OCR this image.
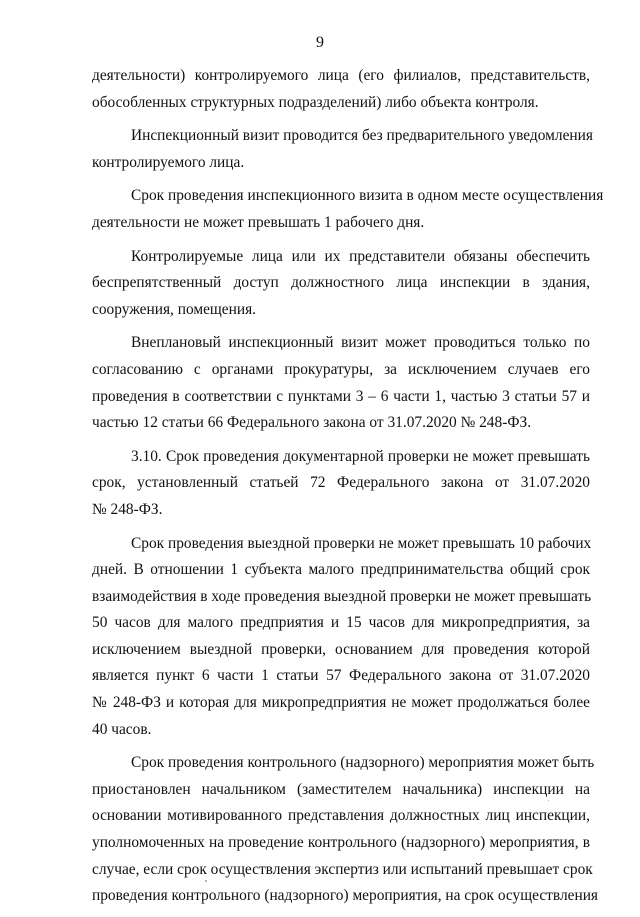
9

деятельности) контролируемого лица (его филиалов, представительств,
обособленных структурных подразделений) либо объекта контроля.

Инспекционный визит проводится без предварительного уведомления
контролируемого лица.

Срок проведения инспекционного визита в одном месте осуществления
деятельности не может превышать 1 рабочего дня.

Контролируемые лица или их представители обязаны обеспечить
беспрепятственный доступ должностного лица инспекции в здания,
сооружения, помещения.

Внеплановый инспекционный визит может проводиться только по
согласованию с органами прокуратуры, за исключением случаев его
проведения в соответствии с пунктами 3 – 6 части 1, частью 3 статьи 57 и
частью 12 статьи 66 Федерального закона от 31.07.2020 № 248-ФЗ.

3.10. Срок проведения документарной проверки не может превышать
срок, установленный статьей 72 Федерального закона от 31.07.2020
№ 248-ФЗ.

Срок проведения выездной проверки не может превышать 10 рабочих
дней. В отношении 1 субъекта малого предпринимательства общий срок
взаимодействия в ходе проведения выездной проверки не может превышать
50 часов для малого предприятия и 15 часов для микропредприятия, за
исключением выездной проверки, основанием для проведения которой
является пункт 6 части 1 статьи 57 Федерального закона от 31.07.2020
№ 248-ФЗ и которая для микропредприятия не может продолжаться более
40 часов.

Срок проведения контрольного (надзорного) мероприятия может быть
приостановлен начальником (заместителем начальника) инспекции на
основании мотивированного представления должностных лиц инспекции,
уполномоченных на проведение контрольного (надзорного) мероприятия, в
случае, если срок осуществления экспертиз или испытаний превышает срок
проведения контрольного (надзорного) мероприятия, на срок осуществления
